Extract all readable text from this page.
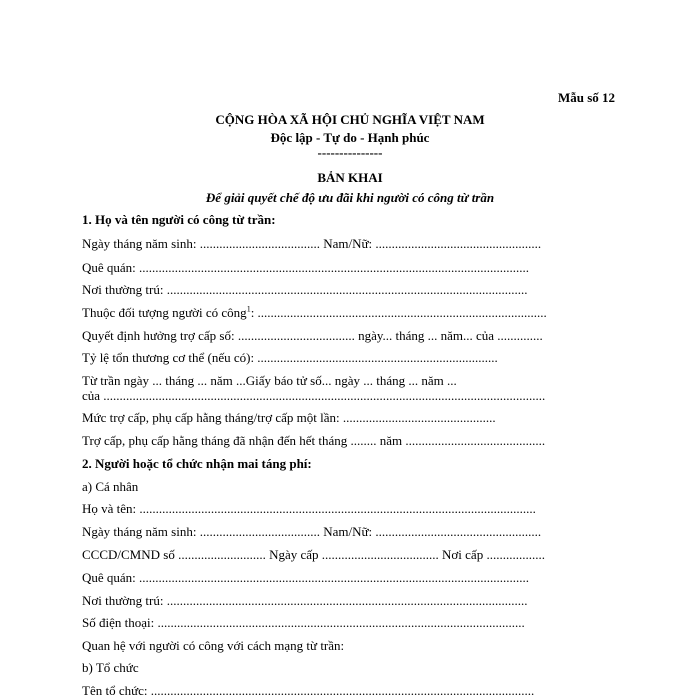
Mẫu số 12
CỘNG HÒA XÃ HỘI CHỦ NGHĨA VIỆT NAM
Độc lập - Tự do - Hạnh phúc
---------------
BẢN KHAI
Để giải quyết chế độ ưu đãi khi người có công từ trần
1. Họ và tên người có công từ trần:
Ngày tháng năm sinh: ..................................... Nam/Nữ: ...................................................
Quê quán: ........................................................................................................................
Nơi thường trú: ...............................................................................................................
Thuộc đối tượng người có công$^1$: .........................................................................................
Quyết định hưởng trợ cấp số: .................................... ngày... tháng ... năm... của ..............
Tỷ lệ tổn thương cơ thể (nếu có): ..........................................................................
Từ trần ngày ... tháng ... năm ...Giấy báo tử số... ngày ... tháng ... năm ...
của ........................................................................................................................................
Mức trợ cấp, phụ cấp hằng tháng/trợ cấp một lần: ...............................................
Trợ cấp, phụ cấp hằng tháng đã nhận đến hết tháng ........ năm ...........................................
2. Người hoặc tổ chức nhận mai táng phí:
a) Cá nhân
Họ và tên: ..........................................................................................................................
Ngày tháng năm sinh: ..................................... Nam/Nữ: ...................................................
CCCD/CMND số ........................... Ngày cấp .................................... Nơi cấp ..................
Quê quán: ........................................................................................................................
Nơi thường trú: ...............................................................................................................
Số điện thoại: .................................................................................................................
Quan hệ với người có công với cách mạng từ trần:
b) Tổ chức
Tên tổ chức: ......................................................................................................................
